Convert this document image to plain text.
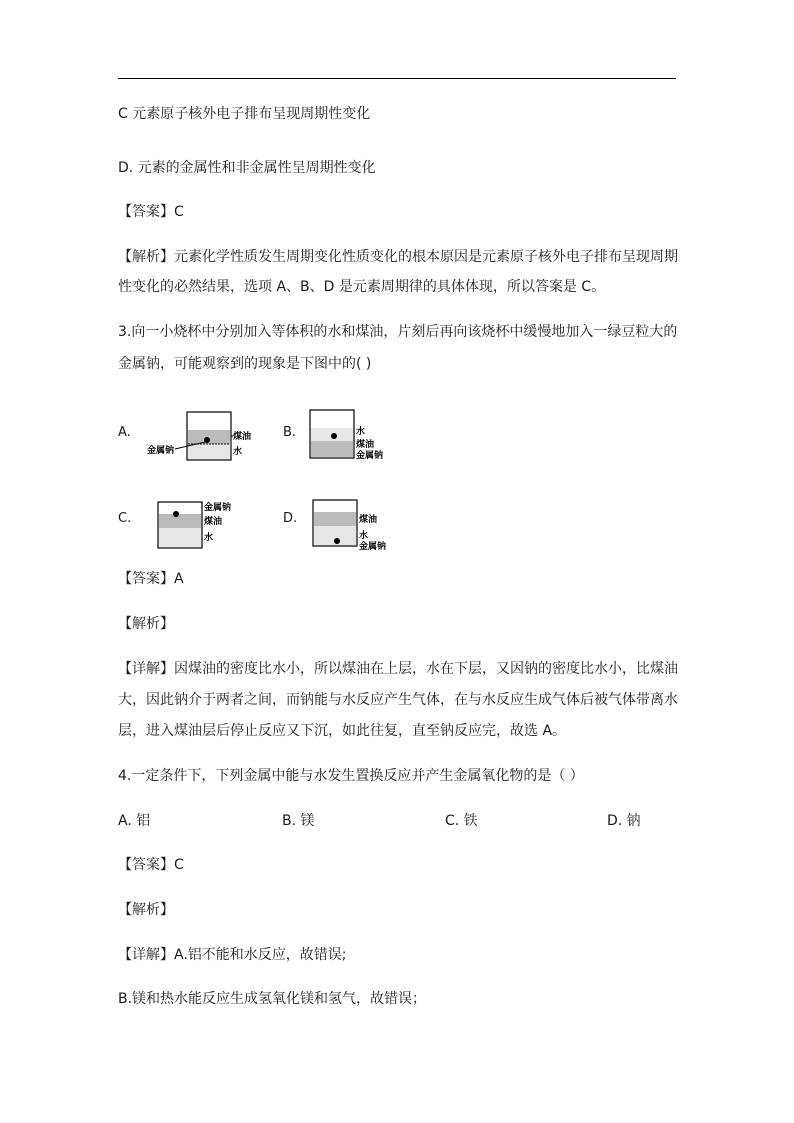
C 元素原子核外电子排布呈现周期性变化
D. 元素的金属性和非金属性呈周期性变化
【答案】C
【解析】元素化学性质发生周期变化性质变化的根本原因是元素原子核外电子排布呈现周期
性变化的必然结果，选项 A、B、D 是元素周期律的具体体现，所以答案是 C。
3.向一小烧杯中分别加入等体积的水和煤油，片刻后再向该烧杯中缓慢地加入一绿豆粒大的
金属钠，可能观察到的现象是下图中的( )
A.	煤油
金属钠	水
B.	水
煤油
金属钠
C.
金属钠
煤油
水
D.	煤油
水
金属钠
【答案】A
【解析】
【详解】因煤油的密度比水小，所以煤油在上层，水在下层，又因钠的密度比水小，比煤油
大，因此钠介于两者之间，而钠能与水反应产生气体，在与水反应生成气体后被气体带离水
层，进入煤油层后停止反应又下沉，如此往复，直至钠反应完，故选 A。
4.一定条件下，下列金属中能与水发生置换反应并产生金属氧化物的是（ ）
A. 铝	B. 镁	C. 铁	D. 钠
【答案】C
【解析】
【详解】A.铝不能和水反应，故错误;
B.镁和热水能反应生成氢氧化镁和氢气，故错误；
